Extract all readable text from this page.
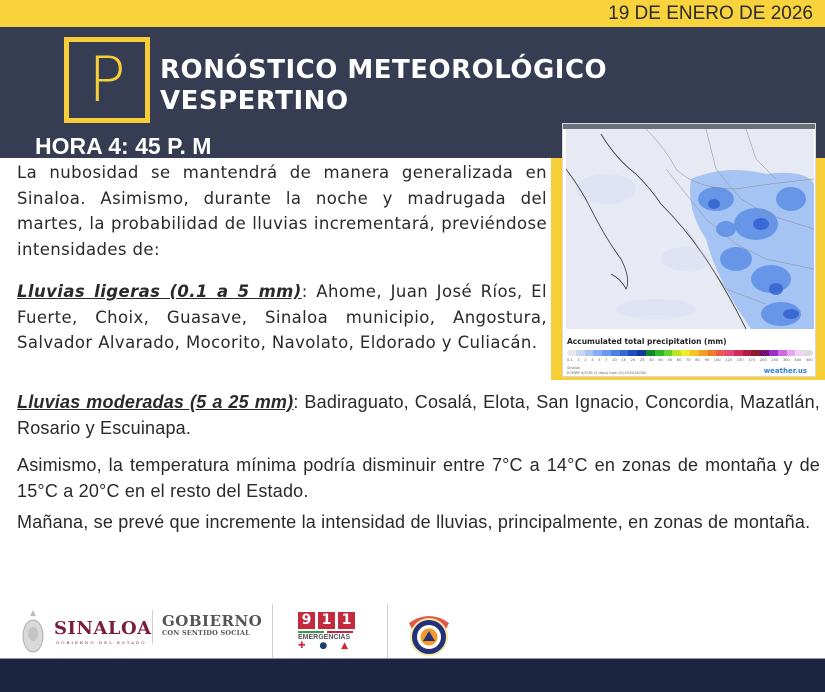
19 DE ENERO DE 2026
P	RONÓSTICO METEOROLÓGICO
VESPERTINO
HORA 4: 45 P. M
Accumulated total precipitation (mm)
0.1 1 2 3 5 7 10 15 20 25 30 40 50 60 70 80 90 100 125 150 175 200 250 300 400 500
Sinaloa
ECMWF 6/3/3B (5 days) from 01/19/2026/18z	weather.us
La nubosidad se mantendrá de manera generalizada en Sinaloa. Asimismo, durante la noche y madrugada del martes, la probabilidad de lluvias incrementará, previéndose intensidades de:
Lluvias ligeras (0.1 a 5 mm): Ahome, Juan José Ríos, El Fuerte, Choix, Guasave, Sinaloa municipio, Angostura, Salvador Alvarado, Mocorito, Navolato, Eldorado y Culiacán.
Lluvias moderadas (5 a 25 mm): Badiraguato, Cosalá, Elota, San Ignacio, Concordia, Mazatlán, Rosario y Escuinapa.
Asimismo, la temperatura mínima podría disminuir entre 7°C a 14°C en zonas de montaña y de 15°C a 20°C en el resto del Estado.
Mañana, se prevé que incremente la intensidad de lluvias, principalmente, en zonas de montaña.
SINALOA
GOBIERNO DEL ESTADO
GOBIERNO
CON SENTIDO SOCIAL
9 1 1
EMERGENCIAS
✚ ● ▲
